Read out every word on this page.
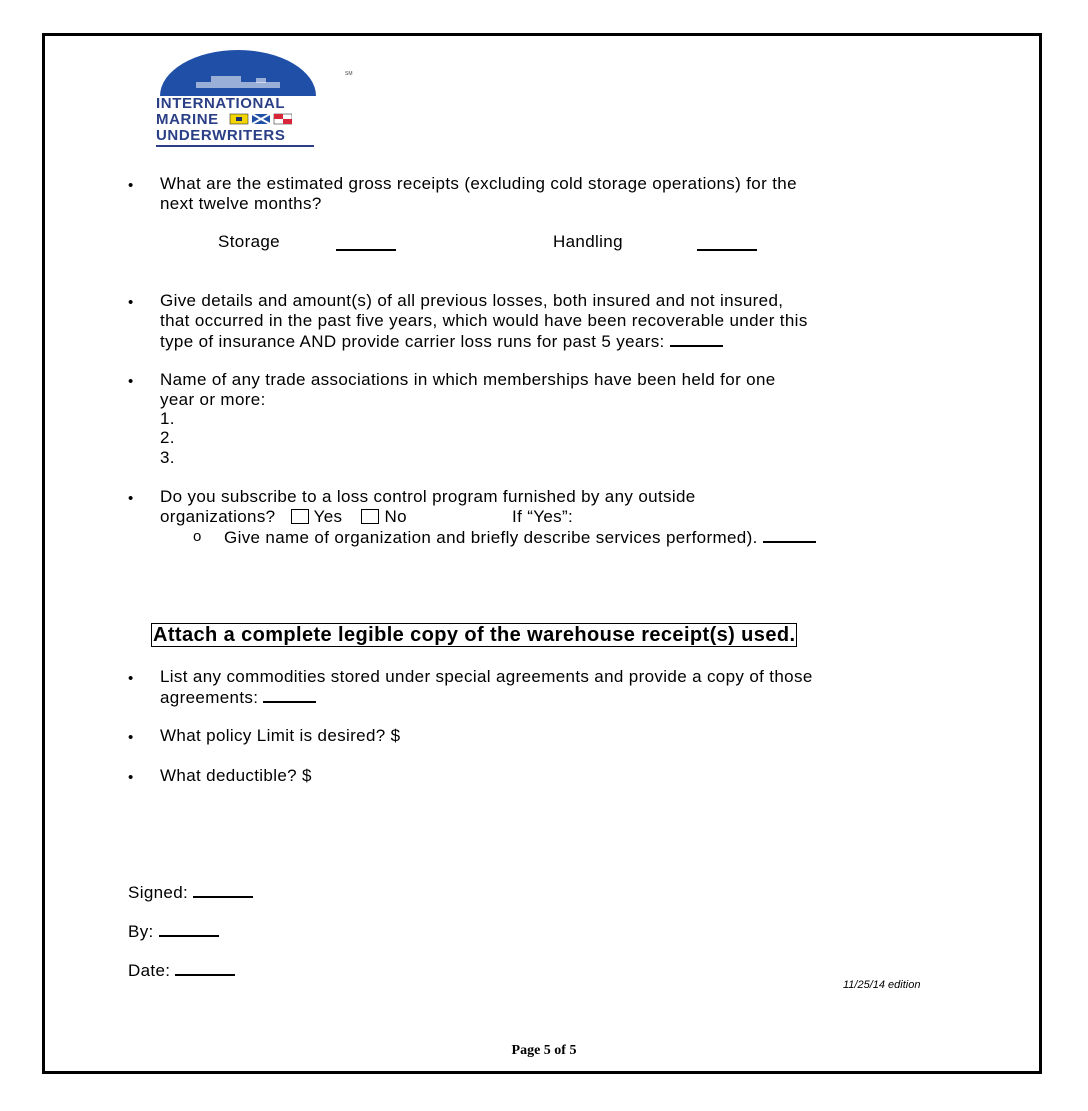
INTERNATIONAL
MARINE
UNDERWRITERS
SM
• What are the estimated gross receipts (excluding cold storage operations) for the
next twelve months?
Storage	Handling
• Give details and amount(s) of all previous losses, both insured and not insured,
that occurred in the past five years, which would have been recoverable under this
type of insurance AND provide carrier loss runs for past 5 years:
• Name of any trade associations in which memberships have been held for one
year or more:
1.
2.
3.
• Do you subscribe to a loss control program furnished by any outside
organizations? Yes No	If “Yes”:
o Give name of organization and briefly describe services performed).
Attach a complete legible copy of the warehouse receipt(s) used.
• List any commodities stored under special agreements and provide a copy of those
agreements:
• What policy Limit is desired? $
• What deductible? $
Signed:
By:
Date:
11/25/14 edition
Page 5 of 5
